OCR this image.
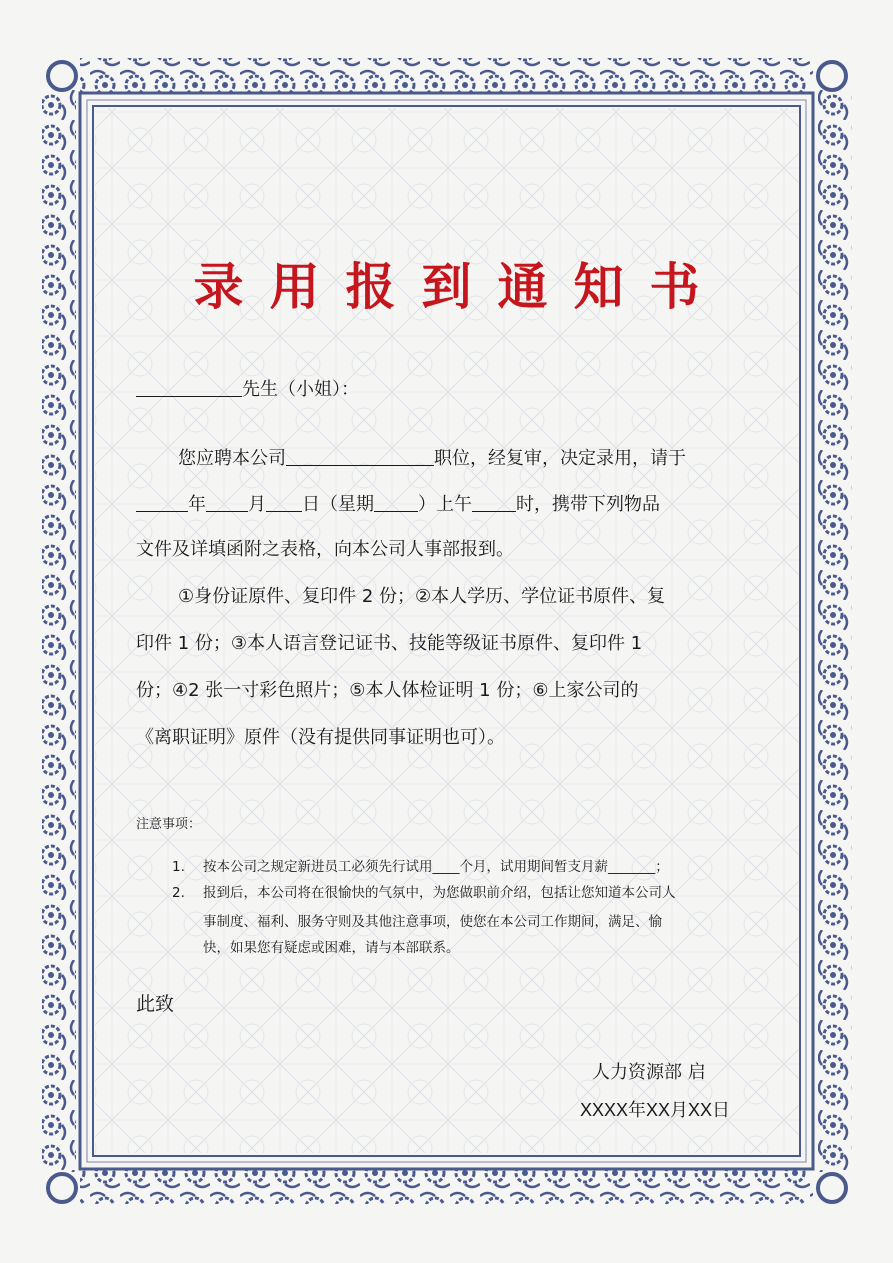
录用报到通知书
先生（小姐）：
您应聘本公司	职位，经复审，决定录用，请于
年 月 日（星期 ）上午 时，携带下列物品
文件及详填函附之表格，向本公司人事部报到。
①身份证原件、复印件 2 份；②本人学历、学位证书原件、复
印件 1 份；③本人语言登记证书、技能等级证书原件、复印件 1
份；④2 张一寸彩色照片；⑤本人体检证明 1 份；⑥上家公司的
《离职证明》原件（没有提供同事证明也可）。
注意事项：
1. 按本公司之规定新进员工必须先行试用____个月，试用期间暂支月薪_______；
2. 报到后，本公司将在很愉快的气氛中，为您做职前介绍，包括让您知道本公司人
事制度、福利、服务守则及其他注意事项，使您在本公司工作期间，满足、愉
快，如果您有疑虑或困难，请与本部联系。
此致
人力资源部 启
XXXX年XX月XX日
